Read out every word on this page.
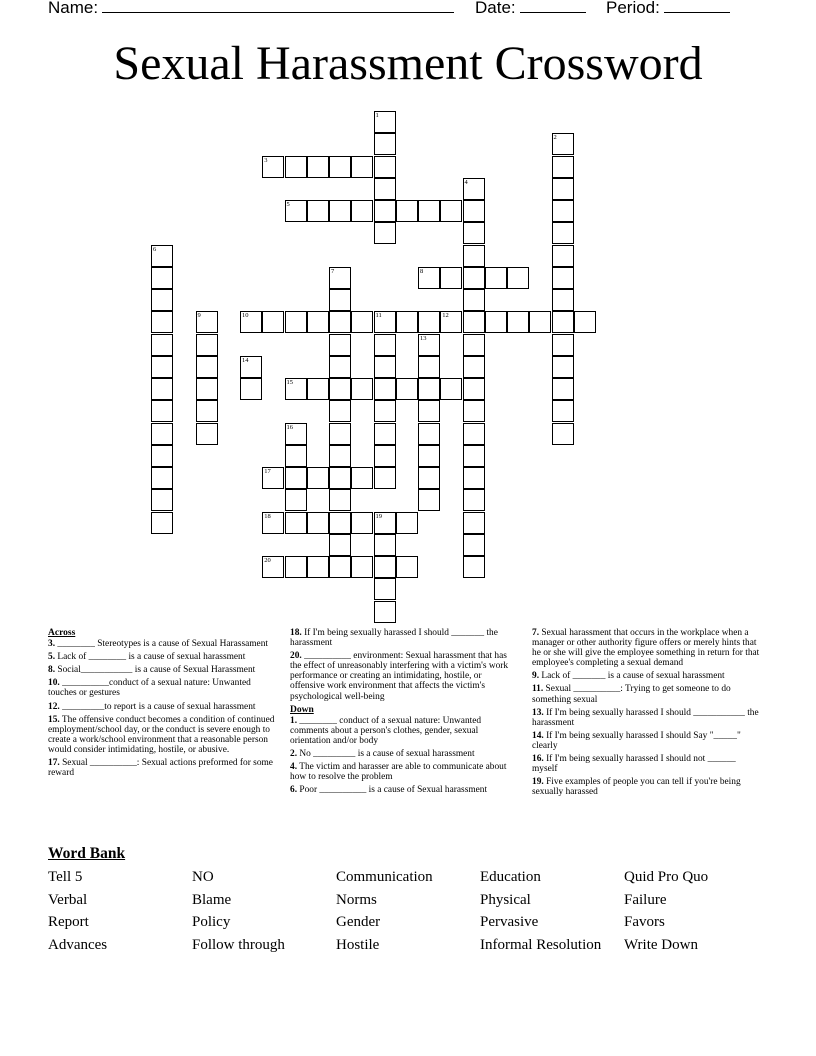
Name:	Date:	Period:
Sexual Harassment Crossword
1
2
3
4
5
6
7	8
9	10	11	12
13
14
15
16
17
18	19
20
Across
3. ________ Stereotypes is a cause of Sexual Harassament
5. Lack of ________ is a cause of sexual harassment
8. Social___________ is a cause of Sexual Harassment
10. __________conduct of a sexual nature: Unwanted touches or gestures
12. _________to report is a cause of sexual harassment
15. The offensive conduct becomes a condition of continued employment/school day, or the conduct is severe enough to create a work/school environment that a reasonable person would consider intimidating, hostile, or abusive.
17. Sexual __________: Sexual actions preformed for some reward
18. If I'm being sexually harassed I should _______ the harassment
20. __________ environment: Sexual harassment that has the effect of unreasonably interfering with a victim's work performance or creating an intimidating, hostile, or offensive work environment that affects the victim's psychological well-being
Down
1. ________ conduct of a sexual nature: Unwanted comments about a person's clothes, gender, sexual orientation and/or body
2. No _________ is a cause of sexual harassment
4. The victim and harasser are able to communicate about how to resolve the problem
6. Poor __________ is a cause of Sexual harassment
7. Sexual harassment that occurs in the workplace when a manager or other authority figure offers or merely hints that he or she will give the employee something in return for that employee's completing a sexual demand
9. Lack of _______ is a cause of sexual harassment
11. Sexual __________: Trying to get someone to do something sexual
13. If I'm being sexually harassed I should ___________ the harassment
14. If I'm being sexually harassed I should Say "_____" clearly
16. If I'm being sexually harassed I should not ______ myself
19. Five examples of people you can tell if you're being sexually harassed
Word Bank
Tell 5
Verbal
Report
Advances
NO
Blame
Policy
Follow through
Communication
Norms
Gender
Hostile
Education
Physical
Pervasive
Informal Resolution
Quid Pro Quo
Failure
Favors
Write Down
